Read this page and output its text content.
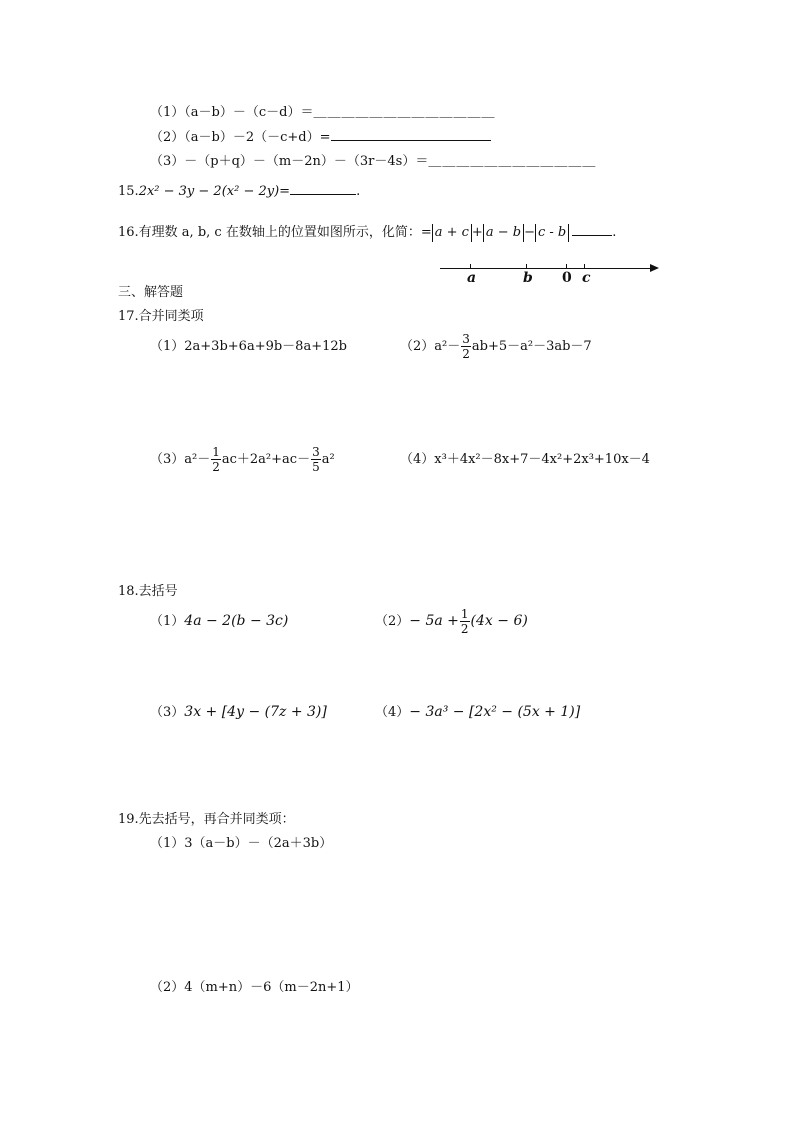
（1）（a－b）－（c－d）＝＿＿＿＿＿＿＿＿＿＿＿＿＿
（2）（a－b）－2（－c+d）=
（3）－（p＋q）－（m－2n）－（3r－4s）＝＿＿＿＿＿＿＿＿＿＿＿＿
15.2x² − 3y − 2(x² − 2y)=	.
16.有理数 a, b, c 在数轴上的位置如图所示，化简：= a + c + a − b − c - b	.
a	b 0 c
三、解答题
17.合并同类项
（1）2a+3b+6a+9b－8a+12b	$(2)a^2- \frac{3}{2} ab+5-a^2-3ab-7$
$(3)a^2- \frac{1}{2} ac+2a^2+ac- \frac{3}{5} a^2$	（4）x³＋4x²－8x+7－4x²+2x³+10x－4
18.去括号
（1）4a − 2(b − 3c)	$(2)- 5a + \frac{1}{2} (4x - 6)$
（3）3x + [4y − (7z + 3)]	（4）− 3a³ − [2x² − (5x + 1)]
19.先去括号，再合并同类项：
（1）3（a－b）－（2a＋3b）
（2）4（m+n）－6（m－2n+1）
